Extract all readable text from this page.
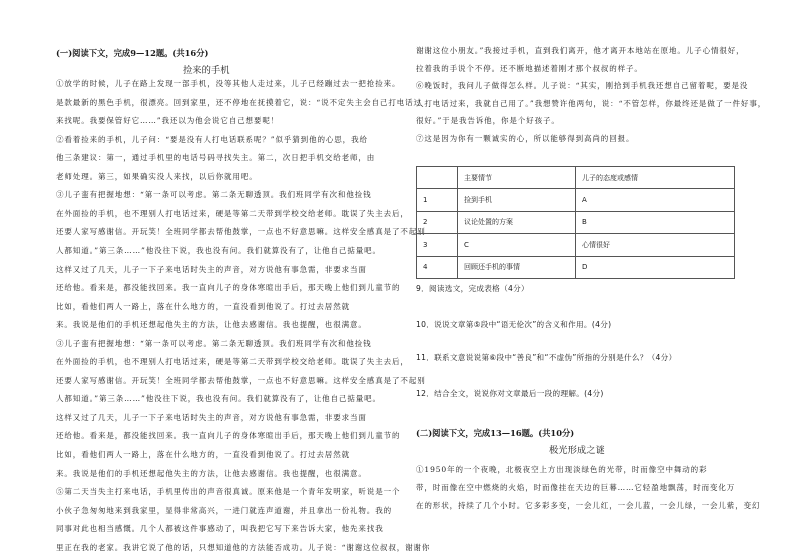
(一)阅读下文，完成9—12题。(共16分)
捡来的手机
①放学的时候，儿子在路上发现一部手机，没等其他人走过来，儿子已经蹦过去一把抢捡来。
是款最新的黑色手机，很漂亮。回到家里，还不停地在抚摸着它，说：“说不定失主会自己打电话过
来找呢。我要保管好它……”我还以为他会说它自己想要呢！
②看着捡来的手机，儿子问：“要是没有人打电话联系呢？”似乎猜到他的心思，我给
他三条建议：第一，通过手机里的电话号码寻找失主。第二，次日把手机交给老师，由
老师处理。第三，如果确实没人来找，以后你就用吧。
③儿子蛮有把握地想：“第一条可以考虑。第二条无聊透顶。我们班同学有次和他捡钱
在外面捡的手机，也不理别人打电话过来，硬是等第二天带到学校交给老师。耽误了失主去后，
还要人家写感谢信。开玩笑！全班同学都去帮他鼓掌，一点也不好意思嘛。这样安全感真是了不起别
人都知道。”第三条……”他没往下说，我也没有问。我们就算没有了，让他自己掂量吧。
这样又过了几天，儿子一下子来电话时失主的声音，对方说他有事急需，非要求当面
还给他。看来是，都没能找回来。我一直向儿子的身体寒暄出手后，那天晚上他们到儿童节的
比如，看他们两人一路上，落在什么地方的，一直没看到他说了。打过去居然就
来。我说是他们的手机还想起他失主的方法，让他去感谢信。我也提醒，也很满意。
③儿子蛮有把握地想：“第一条可以考虑。第二条无聊透顶。我们班同学有次和他捡钱
在外面捡的手机，也不理别人打电话过来，硬是等第二天带到学校交给老师。耽误了失主去后，
还要人家写感谢信。开玩笑！全班同学都去帮他鼓掌，一点也不好意思嘛。这样安全感真是了不起别
人都知道。”第三条……”他没往下说，我也没有问。我们就算没有了，让他自己掂量吧。
这样又过了几天，儿子一下子来电话时失主的声音，对方说他有事急需，非要求当面
还给他。看来是，都没能找回来。我一直向儿子的身体寒暄出手后，那天晚上他们到儿童节的
比如，看他们两人一路上，落在什么地方的，一直没看到他说了。打过去居然就
来。我说是他们的手机还想起他失主的方法，让他去感谢信。我也提醒，也很满意。
⑤第二天当失主打来电话，手机里传出的声音很真诚。原来他是一个青年发明家，听说是一个
小伙子急匆匆地来到我家里，显得非常高兴，一进门就连声道谢，并且拿出一份礼物。我的
同事对此也相当感慨。几个人都被这件事感动了，叫我把它写下来告诉大家，他先来找我
里正在我的老家。我讲它说了他的话，只想知道他的方法能否成功。儿子说：“谢谢这位叔叔，谢谢你
谢谢这位小朋友。”我接过手机，直到我们离开，他才离开本地站在原地。儿子心情很好，
拉着我的手说个不停。还不断地描述着刚才那个叔叔的样子。
⑥晚饭时，我问儿子做得怎么样。儿子说：“其实，刚拾到手机我还想自己留着呢，要是没
人打电话过来，我就自己用了。”我想赞许他两句，说：“不管怎样，你最终还是做了一件好事，
很好。”于是我告诉他，你是个好孩子。
⑦这是因为你有一颗诚实的心，所以能够得到高尚的回报。
	主要情节	儿子的态度或感情
1	捡到手机	A
2	议论处置的方案	B
3	C	心情很好
4	回顾还手机的事情	D
9．阅读选文，完成表格（4分）
10．说说文章第⑤段中“语无伦次”的含义和作用。(4分)
11．联系文意说说第⑥段中“善良”和“不虚伪”所指的分别是什么？（4分）
12．结合全文，说说你对文章最后一段的理解。(4分)
(二)阅读下文，完成13—16题。(共10分)
极光形成之谜
①1950年的一个夜晚，北极夜空上方出现淡绿色的光带，时而像空中舞动的彩
带，时而像在空中燃烧的火焰，时而像挂在天边的巨幕……它轻盈地飘荡，时而变化万
在的形状，持续了几个小时。它多彩多变，一会儿红，一会儿蓝，一会儿绿，一会儿紫，变幻
